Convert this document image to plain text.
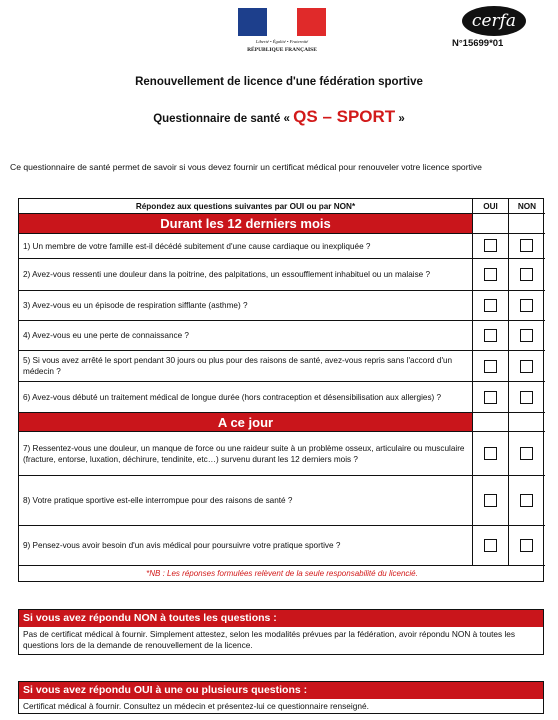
Liberté • Égalité • Fraternité
RÉPUBLIQUE FRANÇAISE
cerfa
N°15699*01
Renouvellement de licence d'une fédération sportive
Questionnaire de santé « QS – SPORT »
Ce questionnaire de santé permet de savoir si vous devez fournir un certificat médical pour renouveler votre licence sportive
Répondez aux questions suivantes par OUI ou par NON*	OUI	NON
Durant les 12 derniers mois
1) Un membre de votre famille est-il décédé subitement d'une cause cardiaque ou inexpliquée ?
2) Avez-vous ressenti une douleur dans la poitrine, des palpitations, un essoufflement inhabituel ou un malaise ?
3) Avez-vous eu un épisode de respiration sifflante (asthme) ?
4) Avez-vous eu une perte de connaissance ?
5) Si vous avez arrêté le sport pendant 30 jours ou plus pour des raisons de santé, avez-vous repris sans l'accord d'un médecin ?
6) Avez-vous débuté un traitement médical de longue durée (hors contraception et désensibilisation aux allergies) ?
A ce jour
7) Ressentez-vous une douleur, un manque de force ou une raideur suite à un problème osseux, articulaire ou musculaire (fracture, entorse, luxation, déchirure, tendinite, etc…) survenu durant les 12 derniers mois ?
8) Votre pratique sportive est-elle interrompue pour des raisons de santé ?
9) Pensez-vous avoir besoin d'un avis médical pour poursuivre votre pratique sportive ?
*NB : Les réponses formulées relèvent de la seule responsabilité du licencié.
Si vous avez répondu NON à toutes les questions :
Pas de certificat médical à fournir. Simplement attestez, selon les modalités prévues par la fédération, avoir répondu NON à toutes les questions lors de la demande de renouvellement de la licence.
Si vous avez répondu OUI à une ou plusieurs questions :
Certificat médical à fournir. Consultez un médecin et présentez-lui ce questionnaire renseigné.
